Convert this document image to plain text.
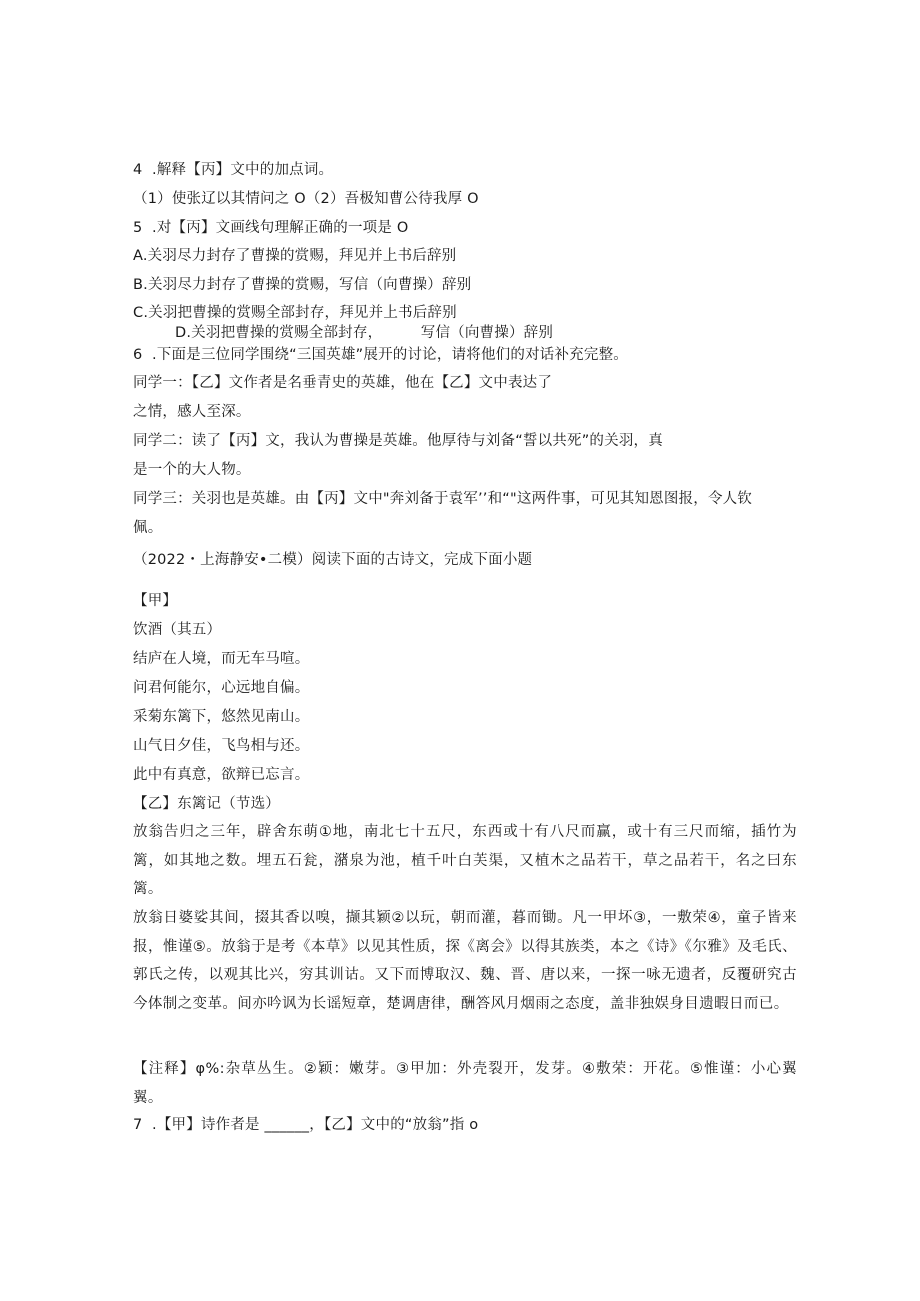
4  .解释【丙】文中的加点词。
（1）使张辽以其情问之 O（2）吾极知曹公待我厚 O
5  .对【丙】文画线句理解正确的一项是 O
A.关羽尽力封存了曹操的赏赐，拜见并上书后辞别
B.关羽尽力封存了曹操的赏赐，写信（向曹操）辞别
C.关羽把曹操的赏赐全部封存，拜见并上书后辞别
D.关羽把曹操的赏赐全部封存，        写信（向曹操）辞别
6  .下面是三位同学围绕“三国英雄”展开的讨论，请将他们的对话补充完整。
同学一：【乙】文作者是名垂青史的英雄，他在【乙】文中表达了
之情，感人至深。
同学二：读了【丙】文，我认为曹操是英雄。他厚待与刘备“誓以共死”的关羽，真
是一个的大人物。
同学三：关羽也是英雄。由【丙】文中"奔刘备于袁军’’和“"这两件事，可见其知恩图报，令人钦
佩。
（2022・上海静安•二模）阅读下面的古诗文，完成下面小题
【甲】
饮酒（其五）
结庐在人境，而无车马喧。
问君何能尔，心远地自偏。
采菊东篱下，悠然见南山。
山气日夕佳，飞鸟相与还。
此中有真意，欲辩已忘言。
【乙】东篱记（节选）
放翁告归之三年，辟舍东萌①地，南北七十五尺，东西或十有八尺而赢，或十有三尺而缩，插竹为篱，如其地之数。埋五石瓮，潴泉为池，植千叶白芙渠，又植木之品若干，草之品若干，名之曰东篱。
放翁日婆娑其间，掇其香以嗅，撷其颖②以玩，朝而灌，暮而锄。凡一甲坏③，一敷荣④，童子皆来报，惟谨⑤。放翁于是考《本草》以见其性质，探《离会》以得其族类，本之《诗》《尔雅》及毛氏、郭氏之传，以观其比兴，穷其训诂。又下而博取汉、魏、晋、唐以来，一探一咏无遗者，反覆研究古今体制之变革。间亦吟讽为长谣短章，楚调唐律，酬答风月烟雨之态度，盖非独娱身目遗暇日而已。
【注释】φ%:杂草丛生。②颖：嫩芽。③甲加：外壳裂开，发芽。④敷荣：开花。⑤惟谨：小心翼翼。
7  .【甲】诗作者是 ______，【乙】文中的“放翁”指 o
